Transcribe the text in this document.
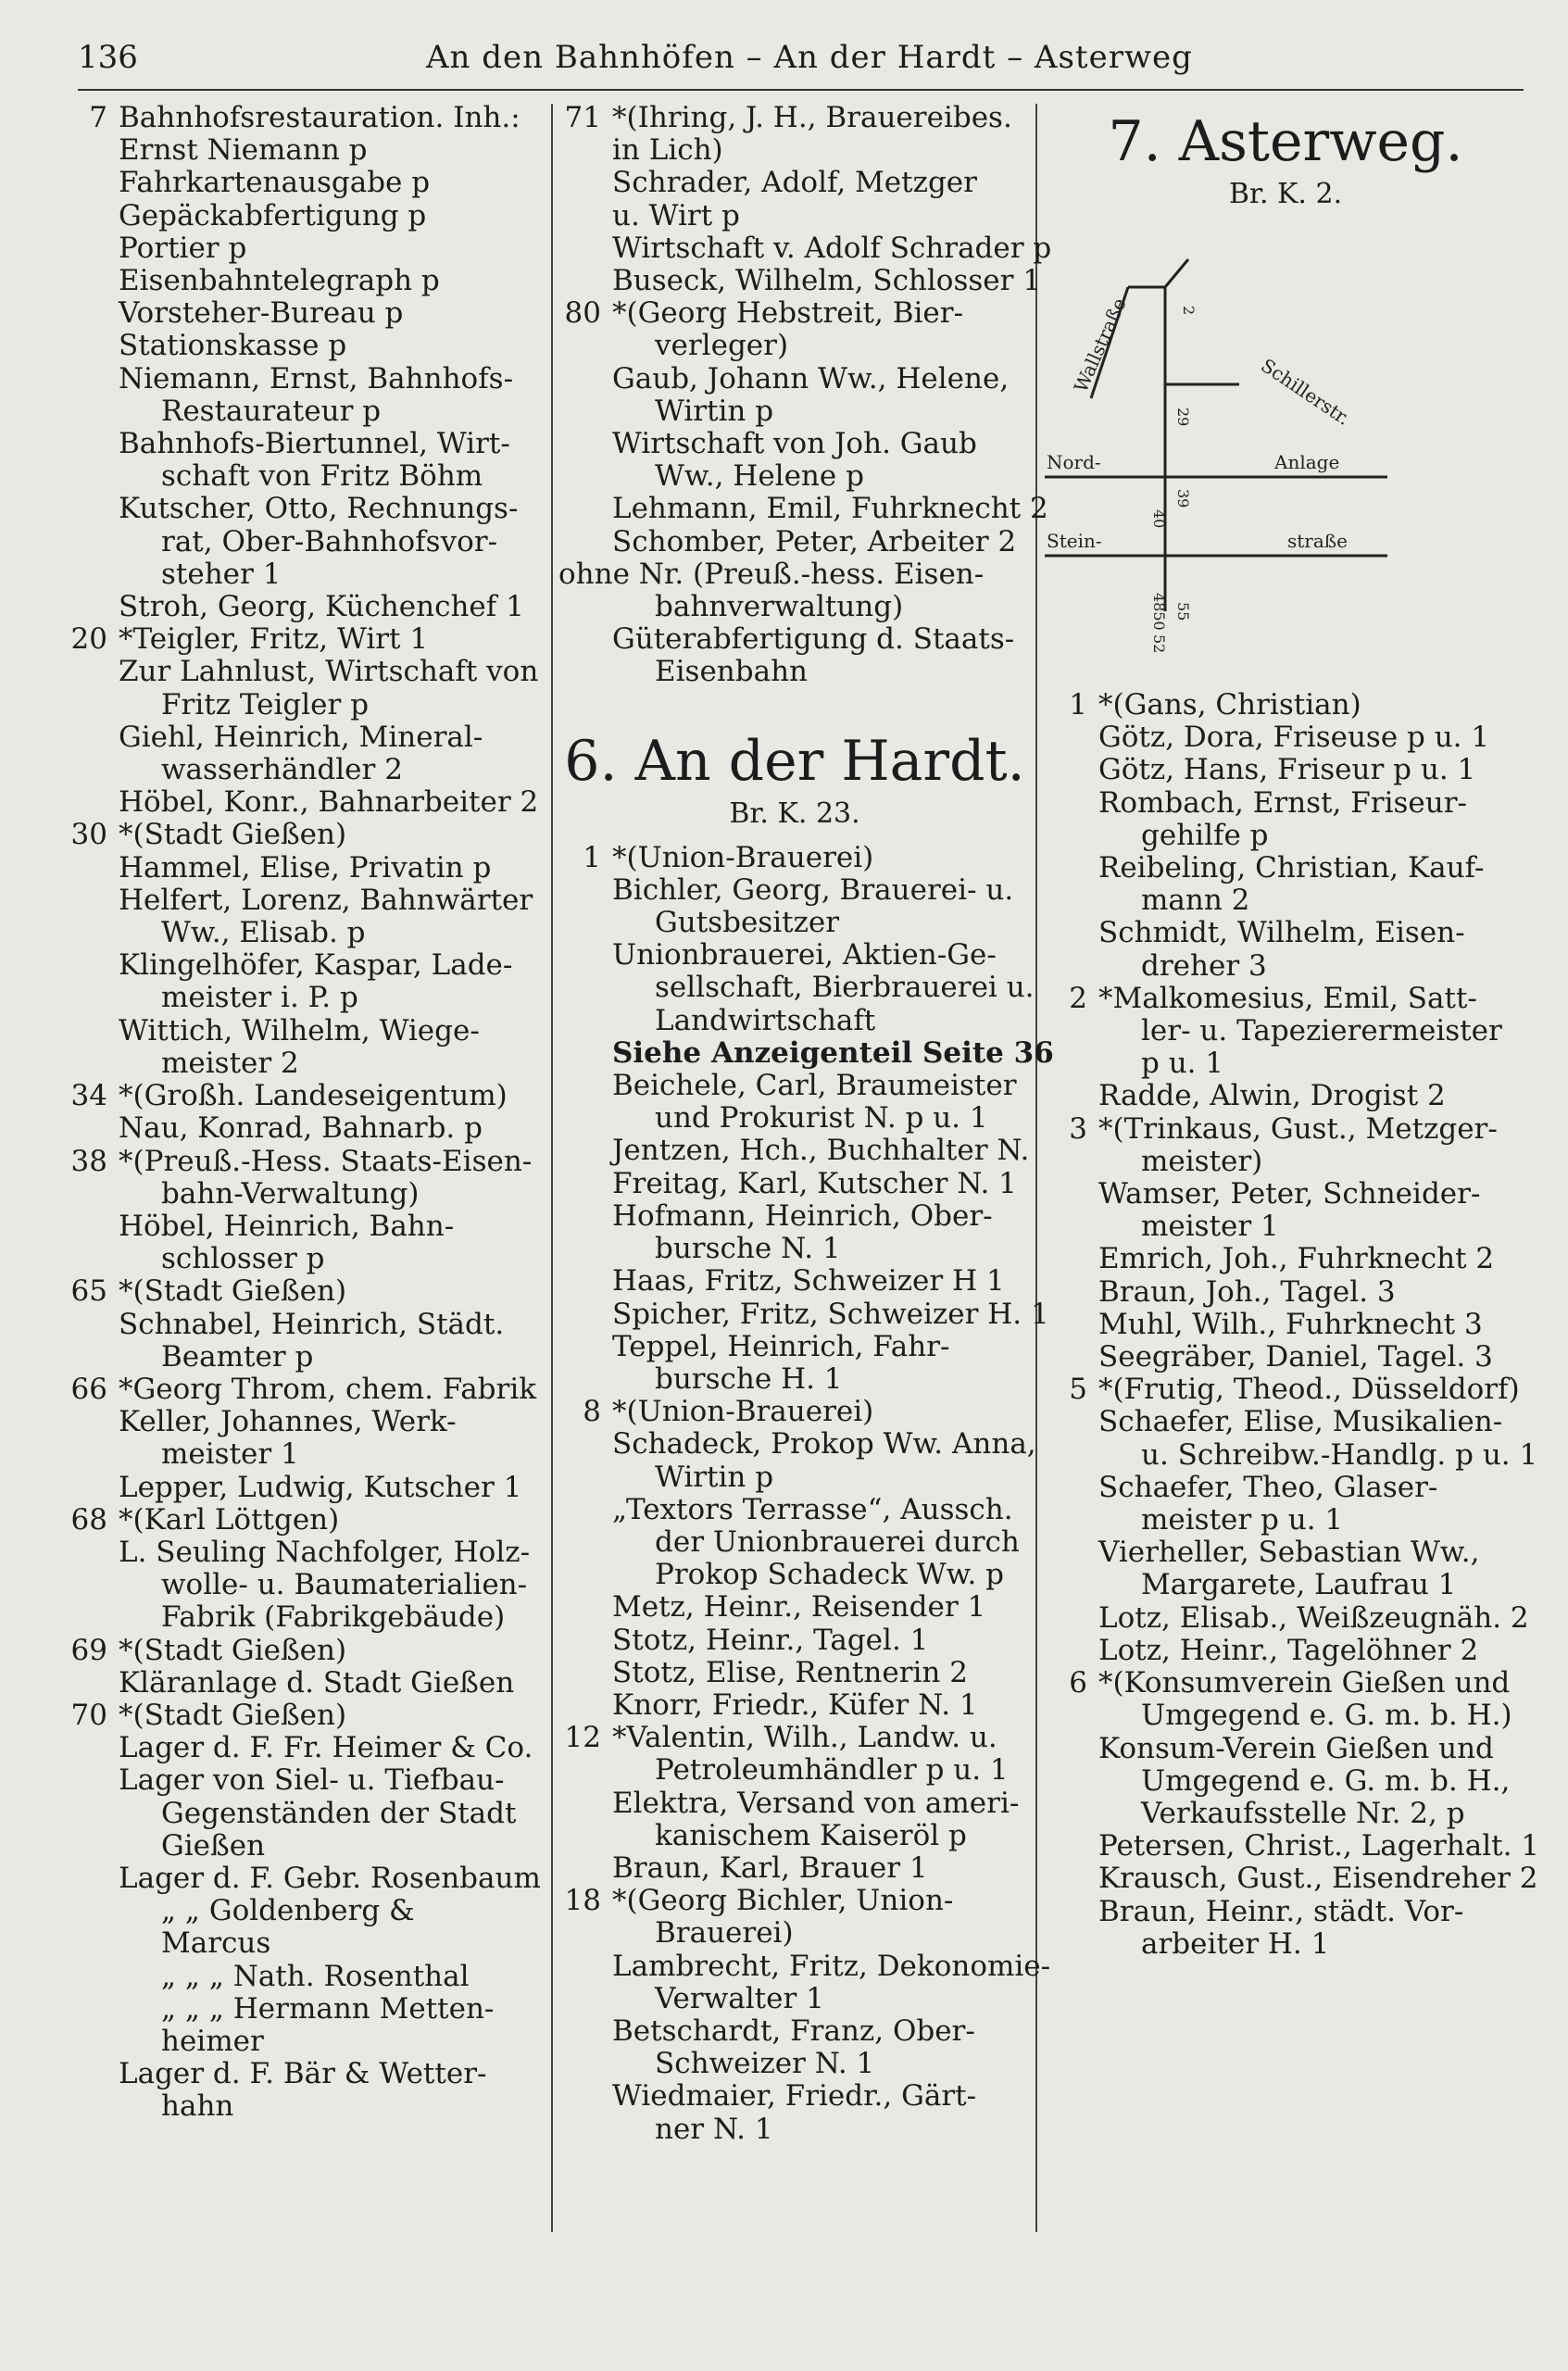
136	An den Bahnhöfen – An der Hardt – Asterweg
7 Bahnhofsrestauration. Inh.:
Ernst Niemann p
Fahrkartenausgabe p
Gepäckabfertigung p
Portier p
Eisenbahntelegraph p
Vorsteher-Bureau p
Stationskasse p
Niemann, Ernst, Bahnhofs-
Restaurateur p
Bahnhofs-Biertunnel, Wirt-
schaft von Fritz Böhm
Kutscher, Otto, Rechnungs-
rat, Ober-Bahnhofsvor-
steher 1
Stroh, Georg, Küchenchef 1
20 *Teigler, Fritz, Wirt 1
Zur Lahnlust, Wirtschaft von
Fritz Teigler p
Giehl, Heinrich, Mineral-
wasserhändler 2
Höbel, Konr., Bahnarbeiter 2
30 *(Stadt Gießen)
Hammel, Elise, Privatin p
Helfert, Lorenz, Bahnwärter
Ww., Elisab. p
Klingelhöfer, Kaspar, Lade-
meister i. P. p
Wittich, Wilhelm, Wiege-
meister 2
34 *(Großh. Landeseigentum)
Nau, Konrad, Bahnarb. p
38 *(Preuß.-Hess. Staats-Eisen-
bahn-Verwaltung)
Höbel, Heinrich, Bahn-
schlosser p
65 *(Stadt Gießen)
Schnabel, Heinrich, Städt.
Beamter p
66 *Georg Throm, chem. Fabrik
Keller, Johannes, Werk-
meister 1
Lepper, Ludwig, Kutscher 1
68 *(Karl Löttgen)
L. Seuling Nachfolger, Holz-
wolle- u. Baumaterialien-
Fabrik (Fabrikgebäude)
69 *(Stadt Gießen)
Kläranlage d. Stadt Gießen
70 *(Stadt Gießen)
Lager d. F. Fr. Heimer & Co.
Lager von Siel- u. Tiefbau-
Gegenständen der Stadt
Gießen
Lager d. F. Gebr. Rosenbaum
„ „ Goldenberg &
Marcus
„ „ „ Nath. Rosenthal
„ „ „ Hermann Metten-
heimer
Lager d. F. Bär & Wetter-
hahn
71 *(Ihring, J. H., Brauereibes.
in Lich)
Schrader, Adolf, Metzger
u. Wirt p
Wirtschaft v. Adolf Schrader p
Buseck, Wilhelm, Schlosser 1
80 *(Georg Hebstreit, Bier-
verleger)
Gaub, Johann Ww., Helene,
Wirtin p
Wirtschaft von Joh. Gaub
Ww., Helene p
Lehmann, Emil, Fuhrknecht 2
Schomber, Peter, Arbeiter 2
ohne Nr. (Preuß.-hess. Eisen-
bahnverwaltung)
Güterabfertigung d. Staats-
Eisenbahn
6. An der Hardt.
Br. K. 23.
1 *(Union-Brauerei)
Bichler, Georg, Brauerei- u.
Gutsbesitzer
Unionbrauerei, Aktien-Ge-
sellschaft, Bierbrauerei u.
Landwirtschaft
Siehe Anzeigenteil Seite 36
Beichele, Carl, Braumeister
und Prokurist N. p u. 1
Jentzen, Hch., Buchhalter N.
Freitag, Karl, Kutscher N. 1
Hofmann, Heinrich, Ober-
bursche N. 1
Haas, Fritz, Schweizer H 1
Spicher, Fritz, Schweizer H. 1
Teppel, Heinrich, Fahr-
bursche H. 1
8 *(Union-Brauerei)
Schadeck, Prokop Ww. Anna,
Wirtin p
„Textors Terrasse“, Aussch.
der Unionbrauerei durch
Prokop Schadeck Ww. p
Metz, Heinr., Reisender 1
Stotz, Heinr., Tagel. 1
Stotz, Elise, Rentnerin 2
Knorr, Friedr., Küfer N. 1
12 *Valentin, Wilh., Landw. u.
Petroleumhändler p u. 1
Elektra, Versand von ameri-
kanischem Kaiseröl p
Braun, Karl, Brauer 1
18 *(Georg Bichler, Union-
Brauerei)
Lambrecht, Fritz, Dekonomie-
Verwalter 1
Betschardt, Franz, Ober-
Schweizer N. 1
Wiedmaier, Friedr., Gärt-
ner N. 1
7. Asterweg.
Br. K. 2.
Wallstraße	Schillerstr.
Nord-	Anlage
Stein-	straße
2
29
40
39
4850
52
55
1 *(Gans, Christian)
Götz, Dora, Friseuse p u. 1
Götz, Hans, Friseur p u. 1
Rombach, Ernst, Friseur-
gehilfe p
Reibeling, Christian, Kauf-
mann 2
Schmidt, Wilhelm, Eisen-
dreher 3
2 *Malkomesius, Emil, Satt-
ler- u. Tapezierermeister
p u. 1
Radde, Alwin, Drogist 2
3 *(Trinkaus, Gust., Metzger-
meister)
Wamser, Peter, Schneider-
meister 1
Emrich, Joh., Fuhrknecht 2
Braun, Joh., Tagel. 3
Muhl, Wilh., Fuhrknecht 3
Seegräber, Daniel, Tagel. 3
5 *(Frutig, Theod., Düsseldorf)
Schaefer, Elise, Musikalien-
u. Schreibw.-Handlg. p u. 1
Schaefer, Theo, Glaser-
meister p u. 1
Vierheller, Sebastian Ww.,
Margarete, Laufrau 1
Lotz, Elisab., Weißzeugnäh. 2
Lotz, Heinr., Tagelöhner 2
6 *(Konsumverein Gießen und
Umgegend e. G. m. b. H.)
Konsum-Verein Gießen und
Umgegend e. G. m. b. H.,
Verkaufsstelle Nr. 2, p
Petersen, Christ., Lagerhalt. 1
Krausch, Gust., Eisendreher 2
Braun, Heinr., städt. Vor-
arbeiter H. 1
